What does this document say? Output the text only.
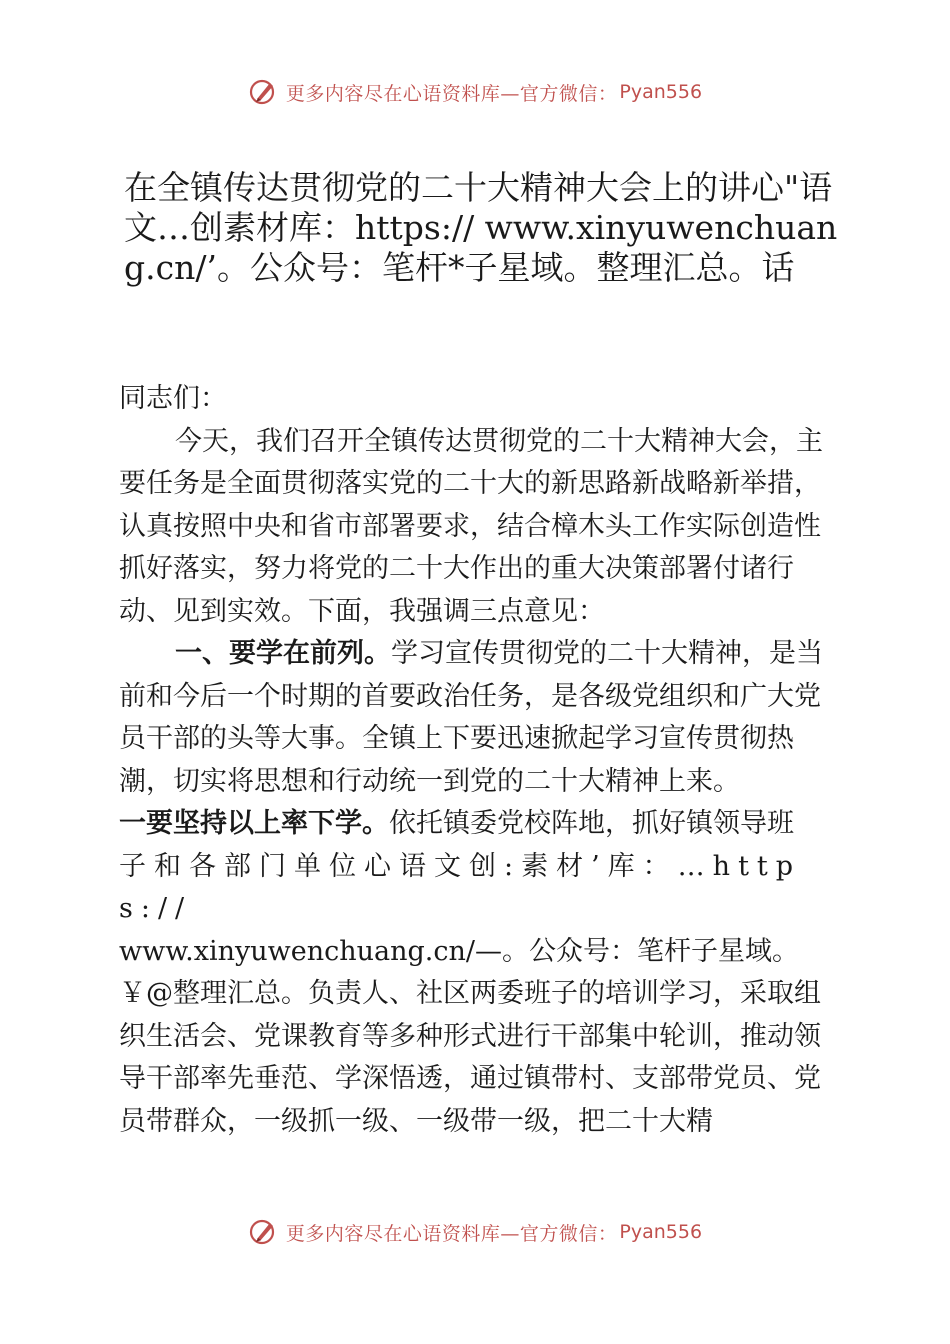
更多内容尽在心语资料库—官方微信： Pyan556
在全镇传达贯彻党的二十大精神大会上的讲心"语文…创素材库：https:// www.xinyuwenchuang.cn/’。公众号：笔杆*子星域。整理汇总。话

同志们：

今天，我们召开全镇传达贯彻党的二十大精神大会，主要任务是全面贯彻落实党的二十大的新思路新战略新举措，认真按照中央和省市部署要求，结合樟木头工作实际创造性抓好落实，努力将党的二十大作出的重大决策部署付诸行动、见到实效。下面，我强调三点意见：

一、要学在前列。学习宣传贯彻党的二十大精神，是当前和今后一个时期的首要政治任务，是各级党组织和广大党员干部的头等大事。全镇上下要迅速掀起学习宣传贯彻热潮，切实将思想和行动统一到党的二十大精神上来。

一要坚持以上率下学。依托镇委党校阵地，抓好镇领导班
子和各部门单位心语文创:素材’库：…https://
www.xinyuwenchuang.cn/—。公众号：笔杆子星域。￥@整理汇总。负责人、社区两委班子的培训学习，采取组织生活会、党课教育等多种形式进行干部集中轮训，推动领导干部率先垂范、学深悟透，通过镇带村、支部带党员、党员带群众，一级抓一级、一级带一级，把二十大精

更多内容尽在心语资料库—官方微信： Pyan556
